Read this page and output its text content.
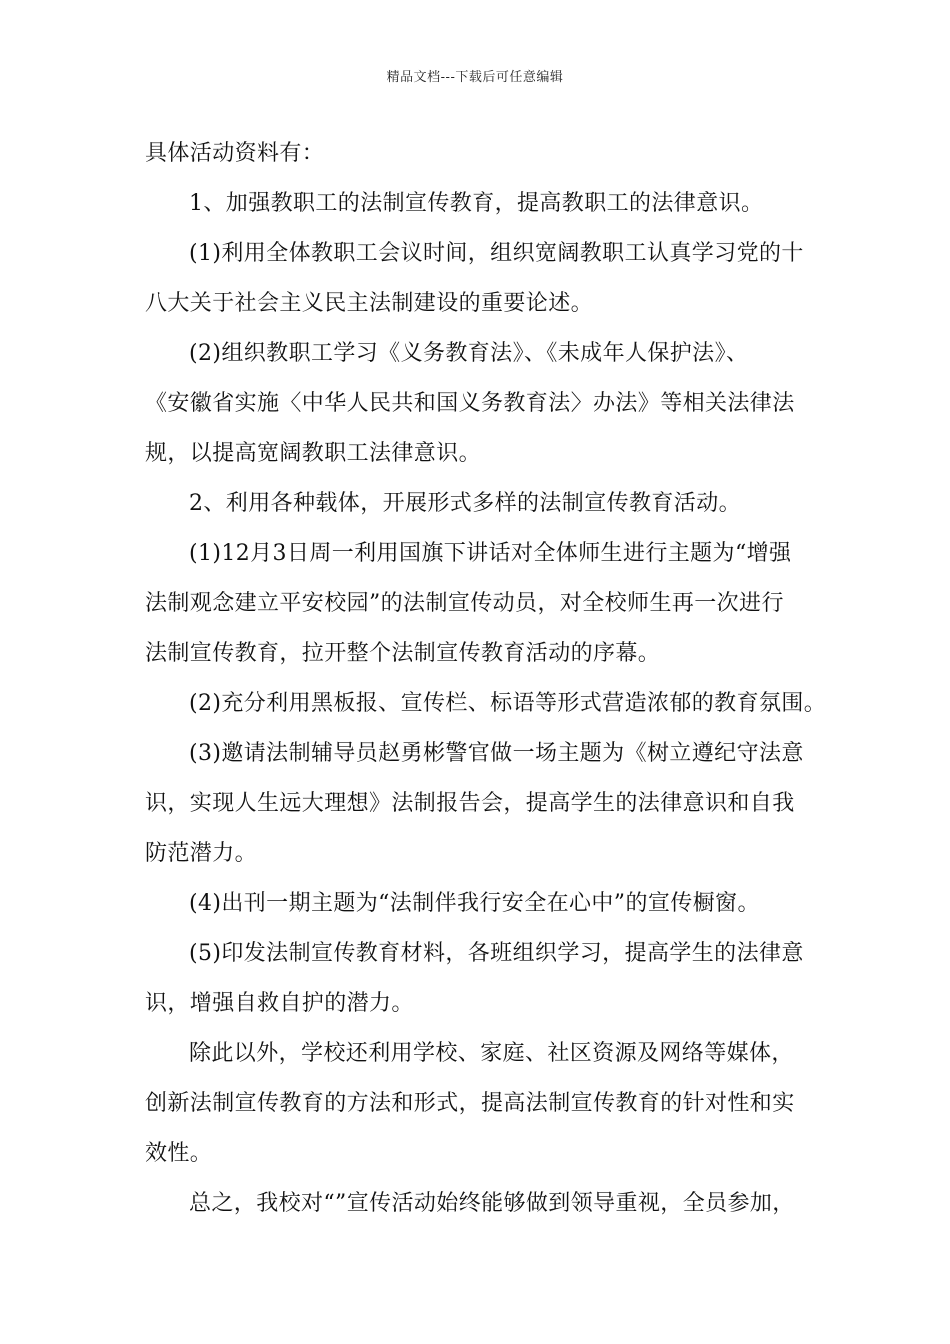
精品文档---下载后可任意编辑
具体活动资料有：
1、加强教职工的法制宣传教育，提高教职工的法律意识。
(1)利用全体教职工会议时间，组织宽阔教职工认真学习党的十
八大关于社会主义民主法制建设的重要论述。
(2)组织教职工学习《义务教育法》、《未成年人保护法》、
《安徽省实施〈中华人民共和国义务教育法〉办法》等相关法律法
规，以提高宽阔教职工法律意识。
2、利用各种载体，开展形式多样的法制宣传教育活动。
(1)12月3日周一利用国旗下讲话对全体师生进行主题为“增强
法制观念建立平安校园”的法制宣传动员，对全校师生再一次进行
法制宣传教育，拉开整个法制宣传教育活动的序幕。
(2)充分利用黑板报、宣传栏、标语等形式营造浓郁的教育氛围。
(3)邀请法制辅导员赵勇彬警官做一场主题为《树立遵纪守法意
识，实现人生远大理想》法制报告会，提高学生的法律意识和自我
防范潜力。
(4)出刊一期主题为“法制伴我行安全在心中”的宣传橱窗。
(5)印发法制宣传教育材料，各班组织学习，提高学生的法律意
识，增强自救自护的潜力。
除此以外，学校还利用学校、家庭、社区资源及网络等媒体，
创新法制宣传教育的方法和形式，提高法制宣传教育的针对性和实
效性。
总之，我校对“”宣传活动始终能够做到领导重视，全员参加，
